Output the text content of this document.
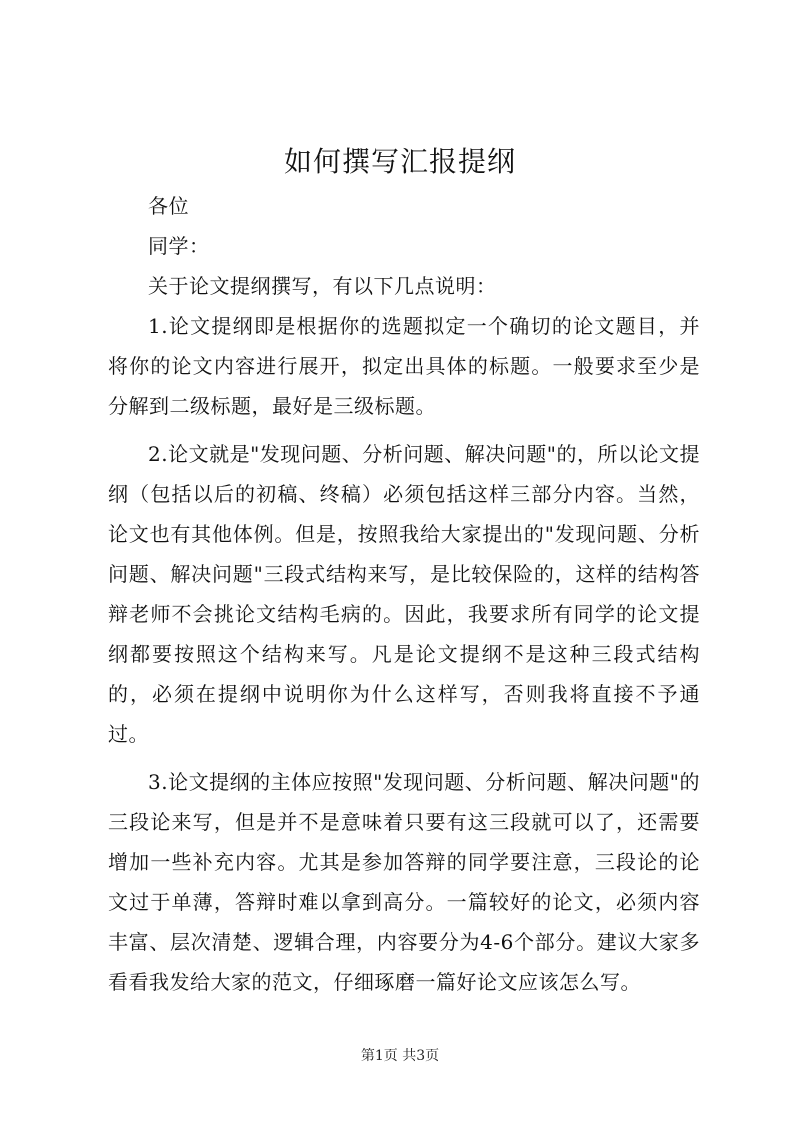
如何撰写汇报提纲

各位

同学：

关于论文提纲撰写，有以下几点说明：

1.论文提纲即是根据你的选题拟定一个确切的论文题目，并将你的论文内容进行展开，拟定出具体的标题。一般要求至少是分解到二级标题，最好是三级标题。

2.论文就是"发现问题、分析问题、解决问题"的，所以论文提纲（包括以后的初稿、终稿）必须包括这样三部分内容。当然，论文也有其他体例。但是，按照我给大家提出的"发现问题、分析问题、解决问题"三段式结构来写，是比较保险的，这样的结构答辩老师不会挑论文结构毛病的。因此，我要求所有同学的论文提纲都要按照这个结构来写。凡是论文提纲不是这种三段式结构的，必须在提纲中说明你为什么这样写，否则我将直接不予通过。

3.论文提纲的主体应按照"发现问题、分析问题、解决问题"的三段论来写，但是并不是意味着只要有这三段就可以了，还需要增加一些补充内容。尤其是参加答辩的同学要注意，三段论的论文过于单薄，答辩时难以拿到高分。一篇较好的论文，必须内容丰富、层次清楚、逻辑合理，内容要分为4-6个部分。建议大家多看看我发给大家的范文，仔细琢磨一篇好论文应该怎么写。

第1页 共3页
